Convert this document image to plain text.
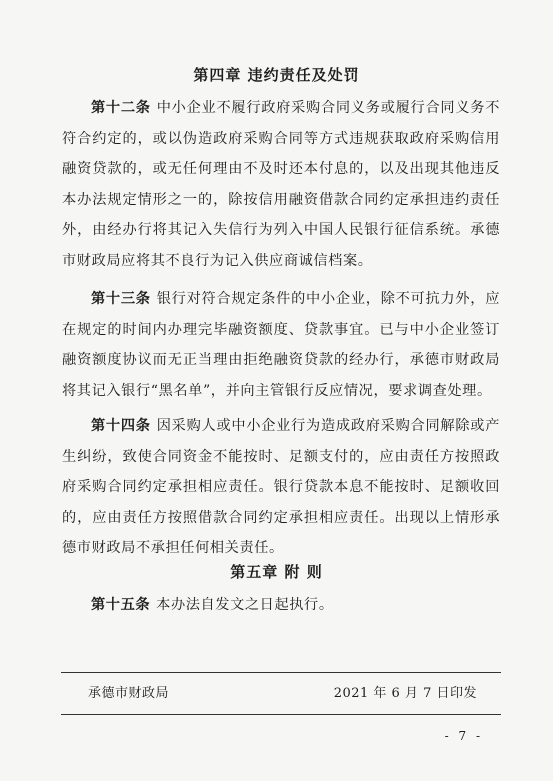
第四章 违约责任及处罚

第十二条 中小企业不履行政府采购合同义务或履行合同义务不符合约定的，或以伪造政府采购合同等方式违规获取政府采购信用融资贷款的，或无任何理由不及时还本付息的，以及出现其他违反本办法规定情形之一的，除按信用融资借款合同约定承担违约责任外，由经办行将其记入失信行为列入中国人民银行征信系统。承德市财政局应将其不良行为记入供应商诚信档案。

第十三条 银行对符合规定条件的中小企业，除不可抗力外，应在规定的时间内办理完毕融资额度、贷款事宜。已与中小企业签订融资额度协议而无正当理由拒绝融资贷款的经办行，承德市财政局将其记入银行“黑名单”，并向主管银行反应情况，要求调查处理。

第十四条 因采购人或中小企业行为造成政府采购合同解除或产生纠纷，致使合同资金不能按时、足额支付的，应由责任方按照政府采购合同约定承担相应责任。银行贷款本息不能按时、足额收回的，应由责任方按照借款合同约定承担相应责任。出现以上情形承德市财政局不承担任何相关责任。

第五章 附 则

第十五条 本办法自发文之日起执行。

承德市财政局	2021 年 6 月 7 日印发
- 7 -
